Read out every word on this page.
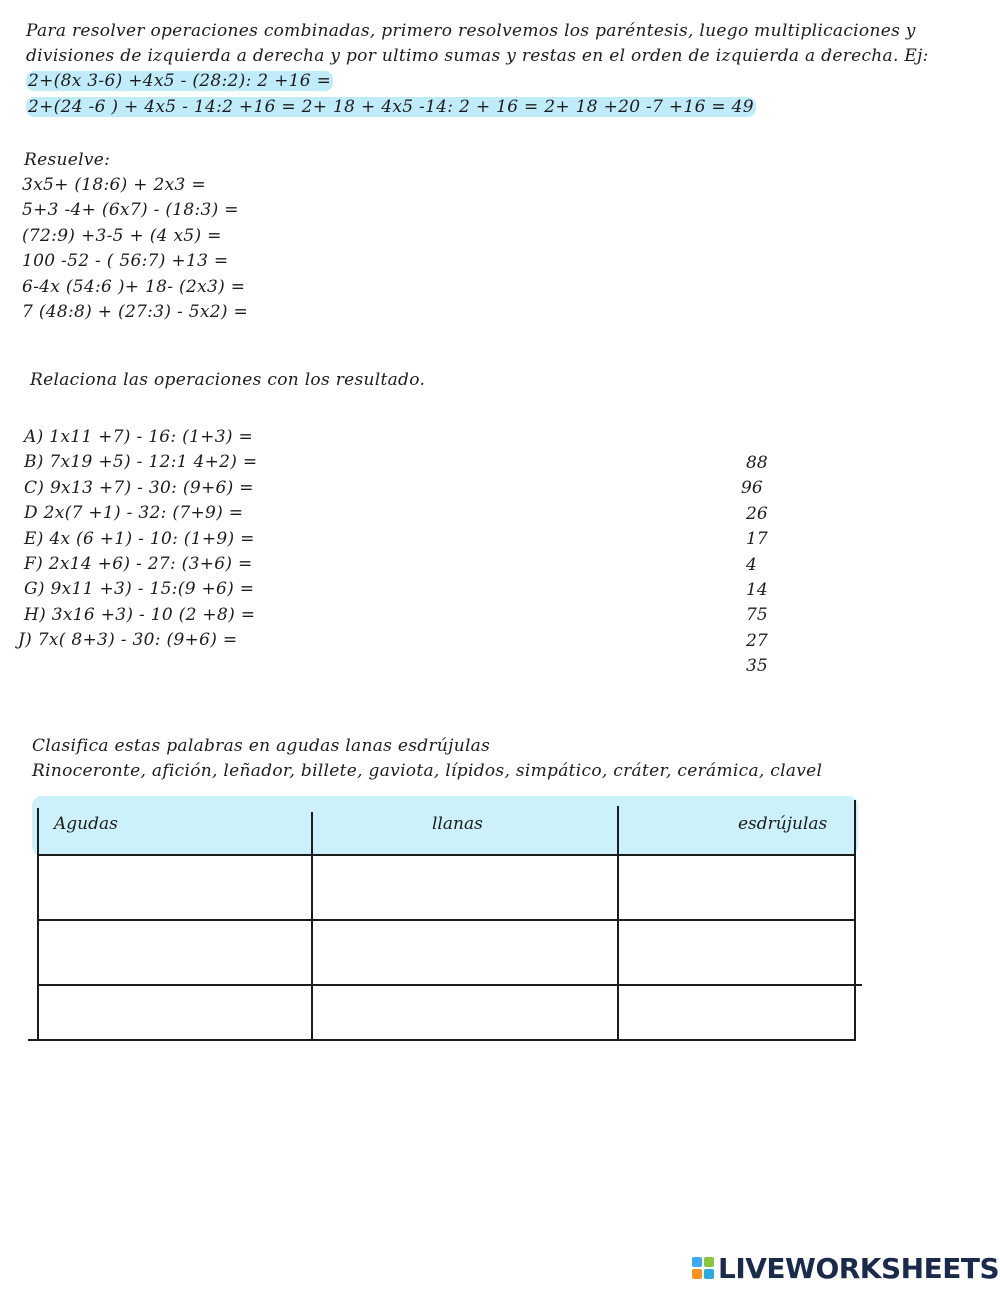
Para resolver operaciones combinadas, primero resolvemos los paréntesis, luego multiplicaciones y
divisiones de izquierda a derecha y por ultimo sumas y restas en el orden de izquierda a derecha. Ej:
2+(8x 3-6) +4x5 - (28:2): 2 +16 =
2+(24 -6 ) + 4x5 - 14:2 +16 = 2+ 18 + 4x5 -14: 2 + 16 = 2+ 18 +20 -7 +16 = 49
Resuelve:
3x5+ (18:6) + 2x3 =
5+3 -4+ (6x7) - (18:3) =
(72:9) +3-5 + (4 x5) =
100 -52 - ( 56:7) +13 =
6-4x (54:6 )+ 18- (2x3) =
7 (48:8) + (27:3) - 5x2) =
Relaciona las operaciones con los resultado.
A) 1x11 +7) - 16: (1+3) =
B) 7x19 +5) - 12:1 4+2) =
C) 9x13 +7) - 30: (9+6) =
D 2x(7 +1) - 32: (7+9) =
E) 4x (6 +1) - 10: (1+9) =
F) 2x14 +6) - 27: (3+6) =
G) 9x11 +3) - 15:(9 +6) =
H) 3x16 +3) - 10 (2 +8) =
J) 7x( 8+3) - 30: (9+6) =
88
96
26
17
4
14
75
27
35
Clasifica estas palabras en agudas lanas esdrújulas
Rinoceronte, afición, leñador, billete, gaviota, lípidos, simpático, cráter, cerámica, clavel
Agudas	llanas	esdrújulas
LIVEWORKSHEETS
